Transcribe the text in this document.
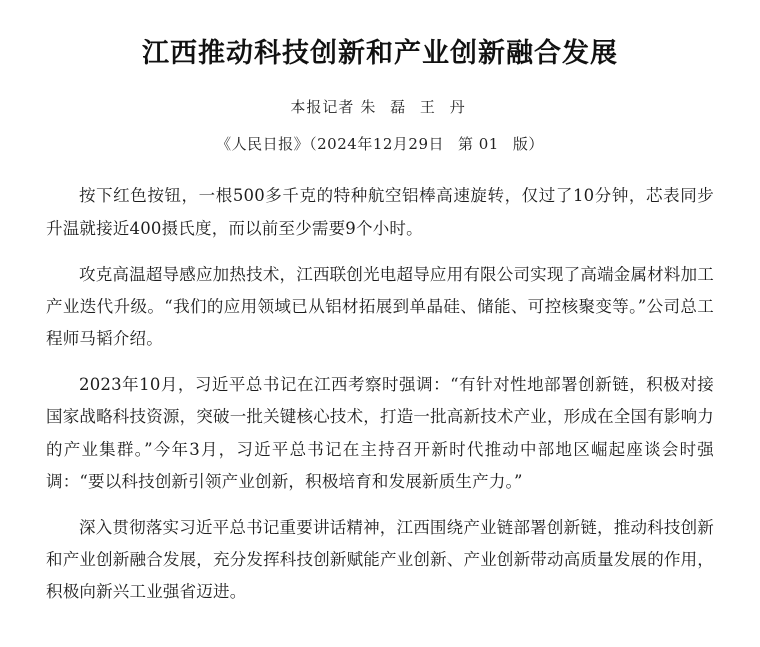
江西推动科技创新和产业创新融合发展
本报记者 朱 磊 王 丹
《人民日报》（2024年12月29日 第 01 版）

按下红色按钮，一根500多千克的特种航空铝棒高速旋转，仅过了10分钟，芯表同步升温就接近400摄氏度，而以前至少需要9个小时。

攻克高温超导感应加热技术，江西联创光电超导应用有限公司实现了高端金属材料加工产业迭代升级。“我们的应用领域已从铝材拓展到单晶硅、储能、可控核聚变等。”公司总工程师马韬介绍。

2023年10月，习近平总书记在江西考察时强调：“有针对性地部署创新链，积极对接国家战略科技资源，突破一批关键核心技术，打造一批高新技术产业，形成在全国有影响力的产业集群。”今年3月，习近平总书记在主持召开新时代推动中部地区崛起座谈会时强调：“要以科技创新引领产业创新，积极培育和发展新质生产力。”

深入贯彻落实习近平总书记重要讲话精神，江西围绕产业链部署创新链，推动科技创新和产业创新融合发展，充分发挥科技创新赋能产业创新、产业创新带动高质量发展的作用，积极向新兴工业强省迈进。
